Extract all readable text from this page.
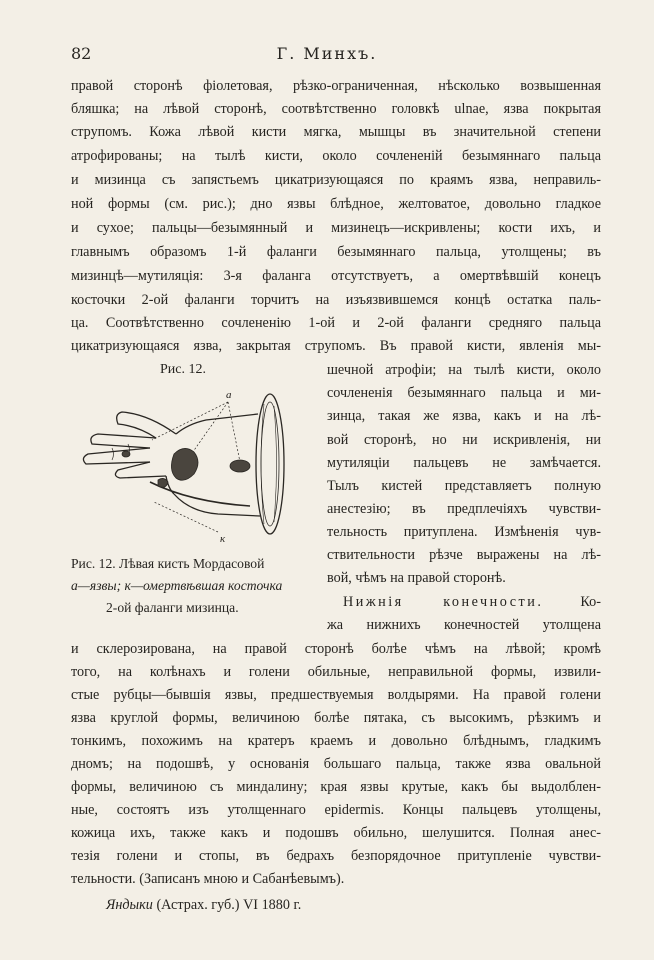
82	Г. Минхъ.
правой сторонѣ фіолетовая, рѣзко-ограниченная, нѣсколько возвышенная
бляшка; на лѣвой сторонѣ, соотвѣтственно головкѣ ulnae, язва покрытая
струпомъ. Кожа лѣвой кисти мягка, мышцы въ значительной степени
атрофированы; на тылѣ кисти, около сочлененій безымяннаго пальца
и мизинца съ запястьемъ цикатризующаяся по краямъ язва, неправиль-
ной формы (см. рис.); дно язвы блѣдное, желтоватое, довольно гладкое
и сухое; пальцы—безымянный и мизинецъ—искривлены; кости ихъ, и
главнымъ образомъ 1-й фаланги безымяннаго пальца, утолщены; въ
мизинцѣ—мутиляція: 3-я фаланга отсутствуетъ, а омертвѣвшій конецъ
косточки 2-ой фаланги торчитъ на изъязвившемся концѣ остатка паль-
ца. Соотвѣтственно сочлененію 1-ой и 2-ой фаланги средняго пальца
цикатризующаяся язва, закрытая струпомъ. Въ правой кисти, явленія мы-
Рис. 12.
a
к
Рис. 12. Лѣвая кисть Мордасовой
а—язвы; к—омертвѣвшая косточка
2-ой фаланги мизинца.
шечной атрофіи; на тылѣ кисти, около
сочлененія безымяннаго пальца и ми-
зинца, такая же язва, какъ и на лѣ-
вой сторонѣ, но ни искривленія, ни
мутиляціи пальцевъ не замѣчается.
Тылъ кистей представляетъ полную
анестезію; въ предплечіяхъ чувстви-
тельность притуплена. Измѣненія чув-
ствительности рѣзче выражены на лѣ-
вой, чѣмъ на правой сторонѣ.
Нижнія конечности.	Ко-
жа нижнихъ конечностей утолщена
и склерозирована, на правой сторонѣ болѣе чѣмъ на лѣвой; кромѣ
того, на колѣнахъ и голени обильные, неправильной формы, извили-
стые рубцы—бывшія язвы, предшествуемыя волдырями. На правой голени
язва круглой формы, величиною болѣе пятака, съ высокимъ, рѣзкимъ и
тонкимъ, похожимъ на кратеръ краемъ и довольно блѣднымъ, гладкимъ
дномъ; на подошвѣ, у основанія большаго пальца, также язва овальной
формы, величиною съ миндалину; края язвы крутые, какъ бы выдолблен-
ные, состоятъ изъ утолщеннаго epidermis. Концы пальцевъ утолщены,
кожица ихъ, также какъ и подошвъ обильно, шелушится. Полная анес-
тезія голени и стопы, въ бедрахъ безпорядочное притупленіе чувстви-
тельности. (Записанъ мною и Сабанѣевымъ).
Яндыки (Астрах. губ.) VI 1880 г.
